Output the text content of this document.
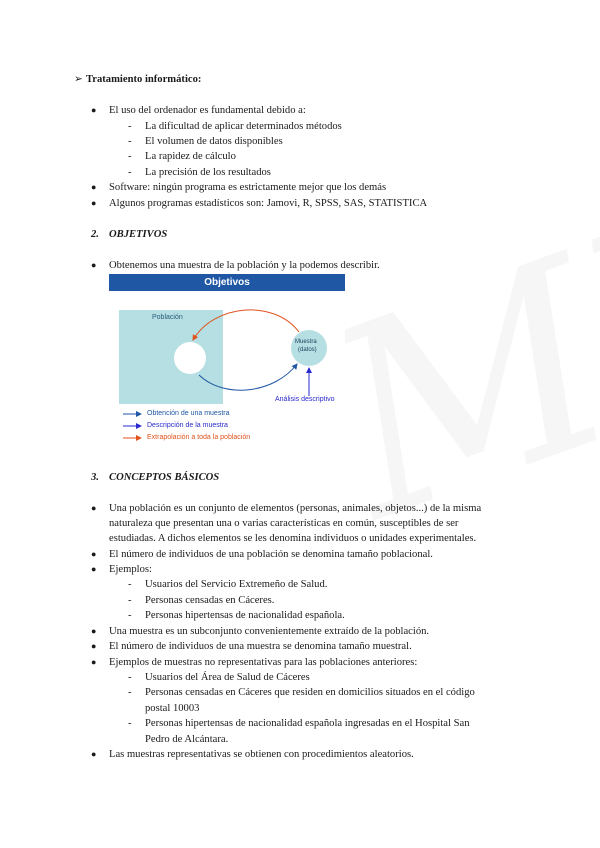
➢ Tratamiento informático:
● El uso del ordenador es fundamental debido a:
- La dificultad de aplicar determinados métodos
- El volumen de datos disponibles
- La rapidez de cálculo
- La precisión de los resultados
● Software: ningún programa es estrictamente mejor que los demás
● Algunos programas estadísticos son: Jamovi, R, SPSS, SAS, STATISTICA
2. OBJETIVOS
● Obtenemos una muestra de la población y la podemos describir.
Objetivos
Población
Muestra
(datos)
Análisis descriptivo
Obtención de una muestra
Descripción de la muestra
Extrapolación a toda la población
3. CONCEPTOS BÁSICOS
● Una población es un conjunto de elementos (personas, animales, objetos...) de la misma
naturaleza que presentan una o varias características en común, susceptibles de ser
estudiadas. A dichos elementos se les denomina individuos o unidades experimentales.
● El número de individuos de una población se denomina tamaño poblacional.
● Ejemplos:
- Usuarios del Servicio Extremeño de Salud.
- Personas censadas en Cáceres.
- Personas hipertensas de nacionalidad española.
● Una muestra es un subconjunto convenientemente extraído de la población.
● El número de individuos de una muestra se denomina tamaño muestral.
● Ejemplos de muestras no representativas para las poblaciones anteriores:
- Usuarios del Área de Salud de Cáceres
- Personas censadas en Cáceres que residen en domicilios situados en el código
postal 10003
- Personas hipertensas de nacionalidad española ingresadas en el Hospital San
Pedro de Alcántara.
● Las muestras representativas se obtienen con procedimientos aleatorios.
